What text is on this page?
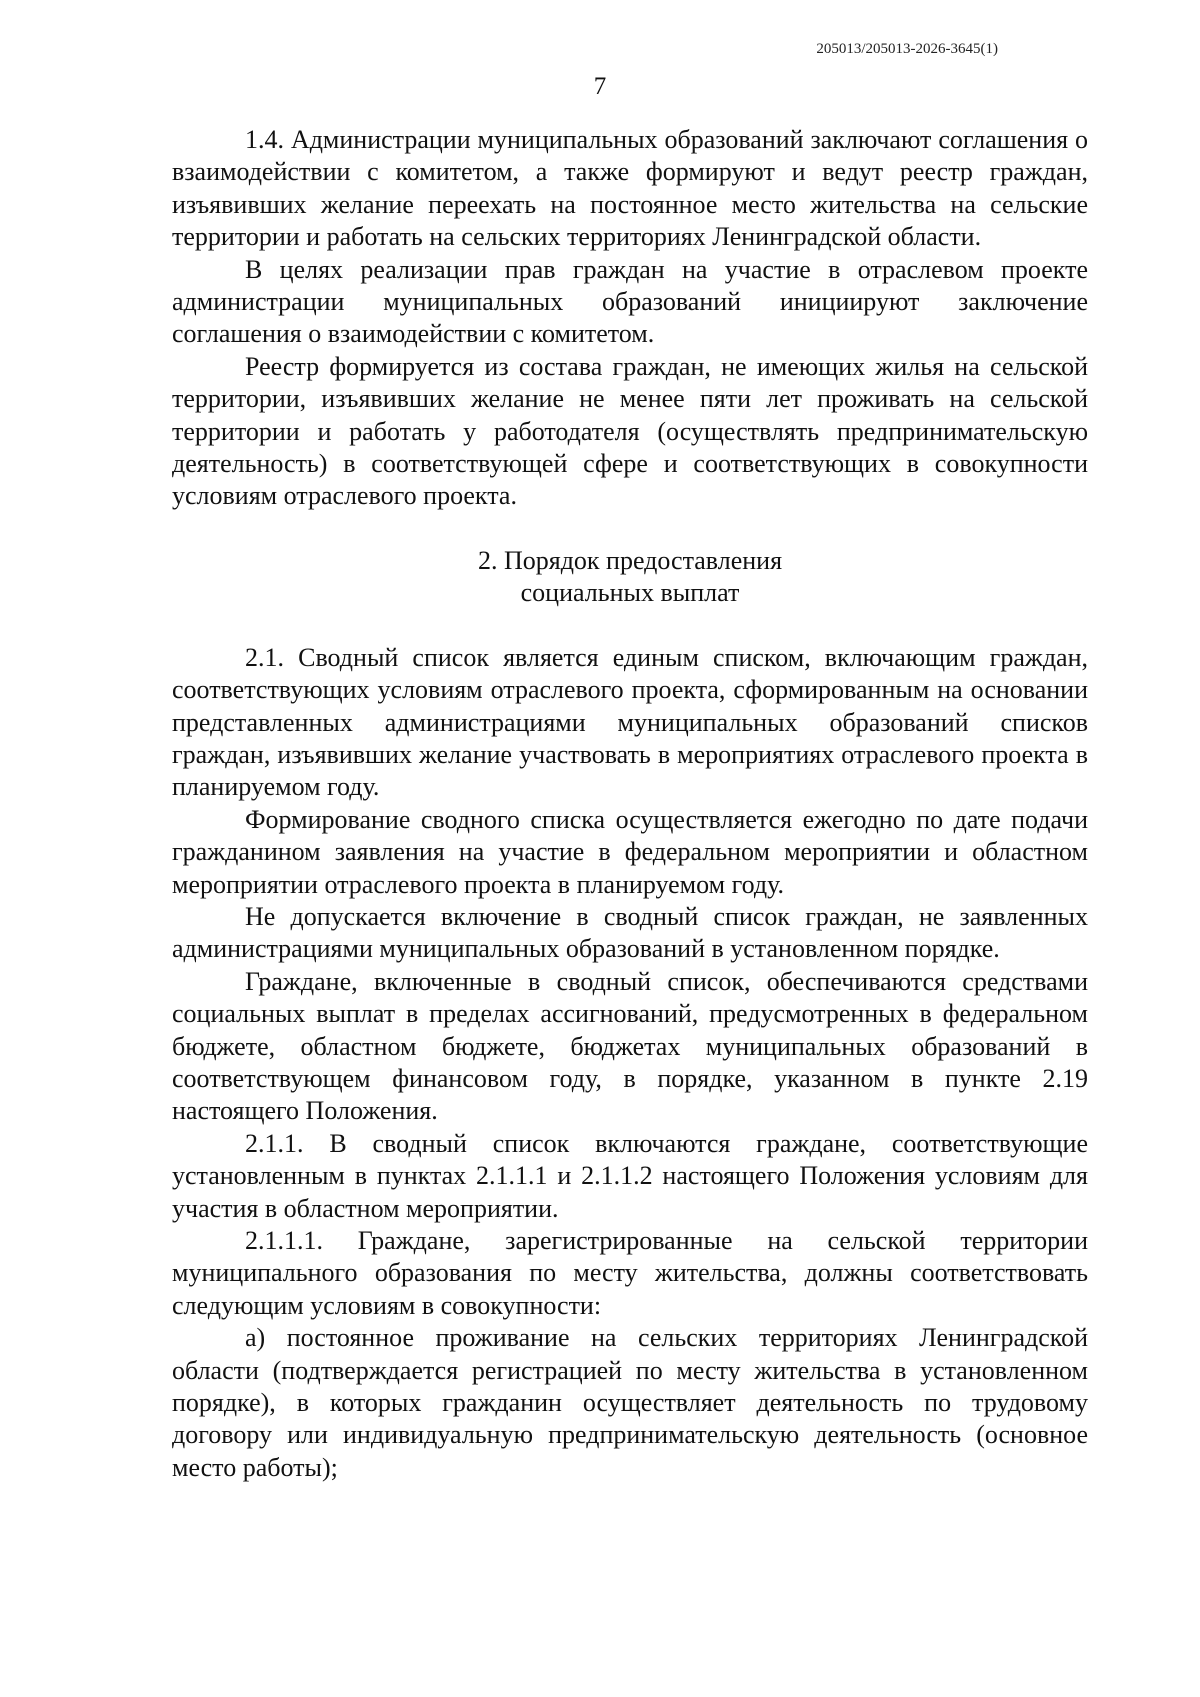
205013/205013-2026-3645(1)
7

1.4. Администрации муниципальных образований заключают соглашения о взаимодействии с комитетом, а также формируют и ведут реестр граждан, изъявивших желание переехать на постоянное место жительства на сельские территории и работать на сельских территориях Ленинградской области.

В целях реализации прав граждан на участие в отраслевом проекте администрации муниципальных образований инициируют заключение соглашения о взаимодействии с комитетом.

Реестр формируется из состава граждан, не имеющих жилья на сельской территории, изъявивших желание не менее пяти лет проживать на сельской территории и работать у работодателя (осуществлять предпринимательскую деятельность) в соответствующей сфере и соответствующих в совокупности условиям отраслевого проекта.

2. Порядок предоставления
социальных выплат

2.1. Сводный список является единым списком, включающим граждан, соответствующих условиям отраслевого проекта, сформированным на основании представленных администрациями муниципальных образований списков граждан, изъявивших желание участвовать в мероприятиях отраслевого проекта в планируемом году.

Формирование сводного списка осуществляется ежегодно по дате подачи гражданином заявления на участие в федеральном мероприятии и областном мероприятии отраслевого проекта в планируемом году.

Не допускается включение в сводный список граждан, не заявленных администрациями муниципальных образований в установленном порядке.

Граждане, включенные в сводный список, обеспечиваются средствами социальных выплат в пределах ассигнований, предусмотренных в федеральном бюджете, областном бюджете, бюджетах муниципальных образований в соответствующем финансовом году, в порядке, указанном в пункте 2.19 настоящего Положения.

2.1.1. В сводный список включаются граждане, соответствующие установленным в пунктах 2.1.1.1 и 2.1.1.2 настоящего Положения условиям для участия в областном мероприятии.

2.1.1.1. Граждане, зарегистрированные на сельской территории муниципального образования по месту жительства, должны соответствовать следующим условиям в совокупности:

а) постоянное проживание на сельских территориях Ленинградской области (подтверждается регистрацией по месту жительства в установленном порядке), в которых гражданин осуществляет деятельность по трудовому договору или индивидуальную предпринимательскую деятельность (основное место работы);
